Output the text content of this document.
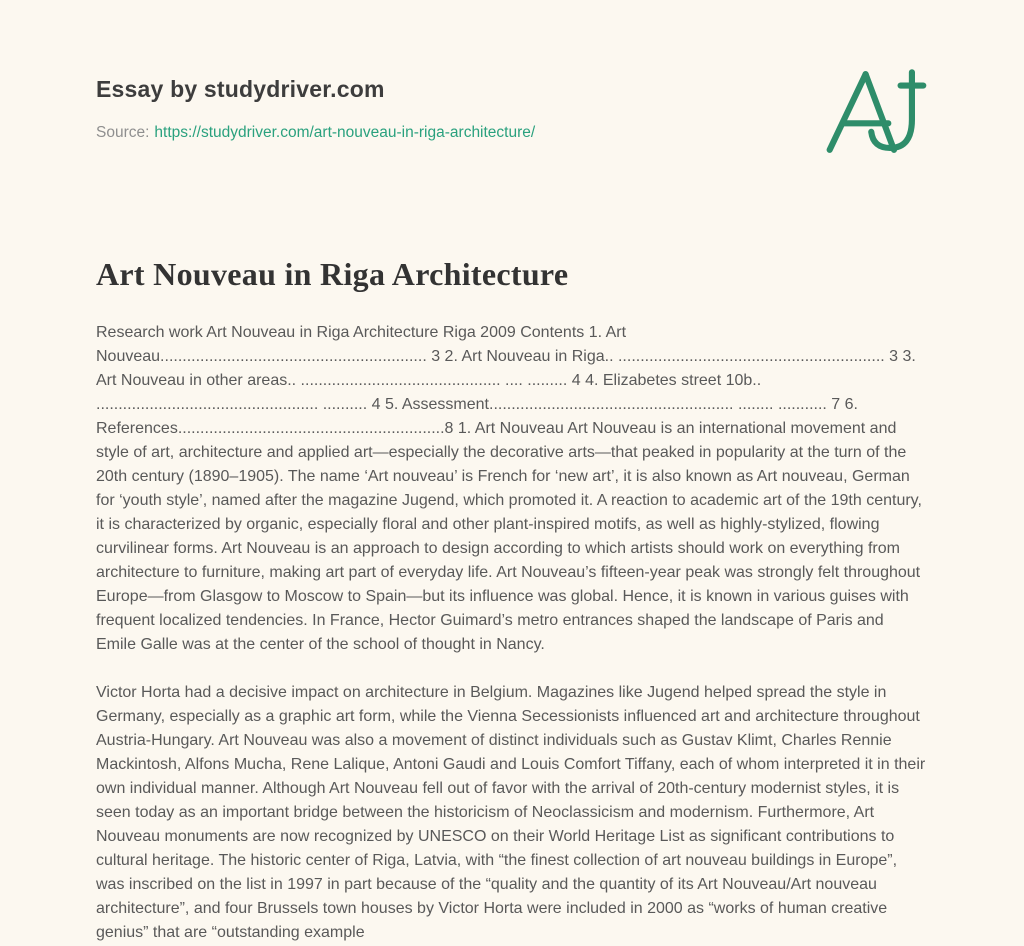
Essay by studydriver.com
Source: https://studydriver.com/art-nouveau-in-riga-architecture/
Art Nouveau in Riga Architecture

Research work Art Nouveau in Riga Architecture Riga 2009 Contents 1. Art Nouveau............................................................ 3 2. Art Nouveau in Riga.. ............................................................ 3 3. Art Nouveau in other areas.. ............................................. .... ......... 4 4. Elizabetes street 10b.. .................................................. .......... 4 5. Assessment....................................................... ........ ........... 7 6. References............................................................8 1. Art Nouveau Art Nouveau is an international movement and style of art, architecture and applied art—especially the decorative arts—that peaked in popularity at the turn of the 20th century (1890–1905). The name ‘Art nouveau’ is French for ‘new art’, it is also known as Art nouveau, German for ‘youth style’, named after the magazine Jugend, which promoted it. A reaction to academic art of the 19th century, it is characterized by organic, especially floral and other plant-inspired motifs, as well as highly-stylized, flowing curvilinear forms. Art Nouveau is an approach to design according to which artists should work on everything from architecture to furniture, making art part of everyday life. Art Nouveau’s fifteen-year peak was strongly felt throughout Europe—from Glasgow to Moscow to Spain—but its influence was global. Hence, it is known in various guises with frequent localized tendencies. In France, Hector Guimard’s metro entrances shaped the landscape of Paris and Emile Galle was at the center of the school of thought in Nancy.

Victor Horta had a decisive impact on architecture in Belgium. Magazines like Jugend helped spread the style in Germany, especially as a graphic art form, while the Vienna Secessionists influenced art and architecture throughout Austria-Hungary. Art Nouveau was also a movement of distinct individuals such as Gustav Klimt, Charles Rennie Mackintosh, Alfons Mucha, Rene Lalique, Antoni Gaudi and Louis Comfort Tiffany, each of whom interpreted it in their own individual manner. Although Art Nouveau fell out of favor with the arrival of 20th-century modernist styles, it is seen today as an important bridge between the historicism of Neoclassicism and modernism. Furthermore, Art Nouveau monuments are now recognized by UNESCO on their World Heritage List as significant contributions to cultural heritage. The historic center of Riga, Latvia, with “the finest collection of art nouveau buildings in Europe”, was inscribed on the list in 1997 in part because of the “quality and the quantity of its Art Nouveau/Art nouveau architecture”, and four Brussels town houses by Victor Horta were included in 2000 as “works of human creative genius” that are “outstanding example
